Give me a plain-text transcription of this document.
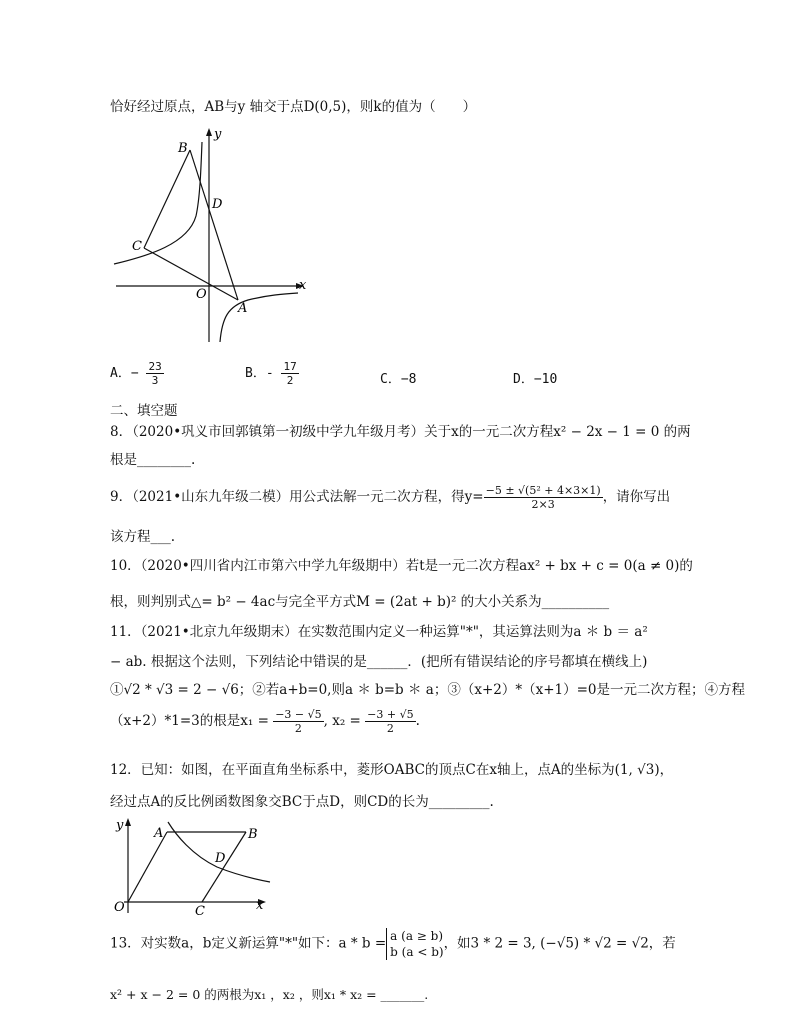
恰好经过原点，AB与y 轴交于点D(0,5)，则k的值为（　　）
y
B
D
C
O
A
x
A．− $\frac{23}{3}$	B．- $\frac{17}{2}$	C．−8	D．−10
二、填空题
8．（2020•巩义市回郭镇第一初级中学九年级月考）关于x的一元二次方程x² − 2x − 1 = 0 的两
根是________.
9．（2021•山东九年级二模）用公式法解一元二次方程，得$y= \frac{\text{−5 ± √(5² + 4×3×1)}}{2\times 3}$ ，请你写出
该方程___.
10．（2020•四川省内江市第六中学九年级期中）若t是一元二次方程ax² + bx + c = 0(a ≠ 0)的
根，则判别式△= b² − 4ac与完全平方式M = (2at + b)² 的大小关系为__________
11．（2021•北京九年级期末）在实数范围内定义一种运算"*"，其运算法则为a ＊ b ＝ a²
− ab. 根据这个法则，下列结论中错误的是______．(把所有错误结论的序号都填在横线上)
①√2 * √3 = 2 − √6；②若a+b=0,则a ＊ b=b ＊ a；③（x+2）*（x+1）=0是一元二次方程；④方程
（x+2）*1=3的根是$x_1 = \frac{-3 - √5}{2}$ , $x_2 = \frac{-3 + √5}{2}$ .
12．已知：如图，在平面直角坐标系中，菱形OABC的顶点C在x轴上，点A的坐标为(1, √3)，
经过点A的反比例函数图象交BC于点D，则CD的长为_________.
y
A	B
D
O	C	x
13．对实数a，b定义新运算"*"如下：a * b = a (a ≥ b)
b (a < b)
，如3 * 2 = 3, (−√5) * √2 = √2，若
x² + x − 2 = 0 的两根为x₁ ，x₂ ，则x₁ * x₂ = _______.
